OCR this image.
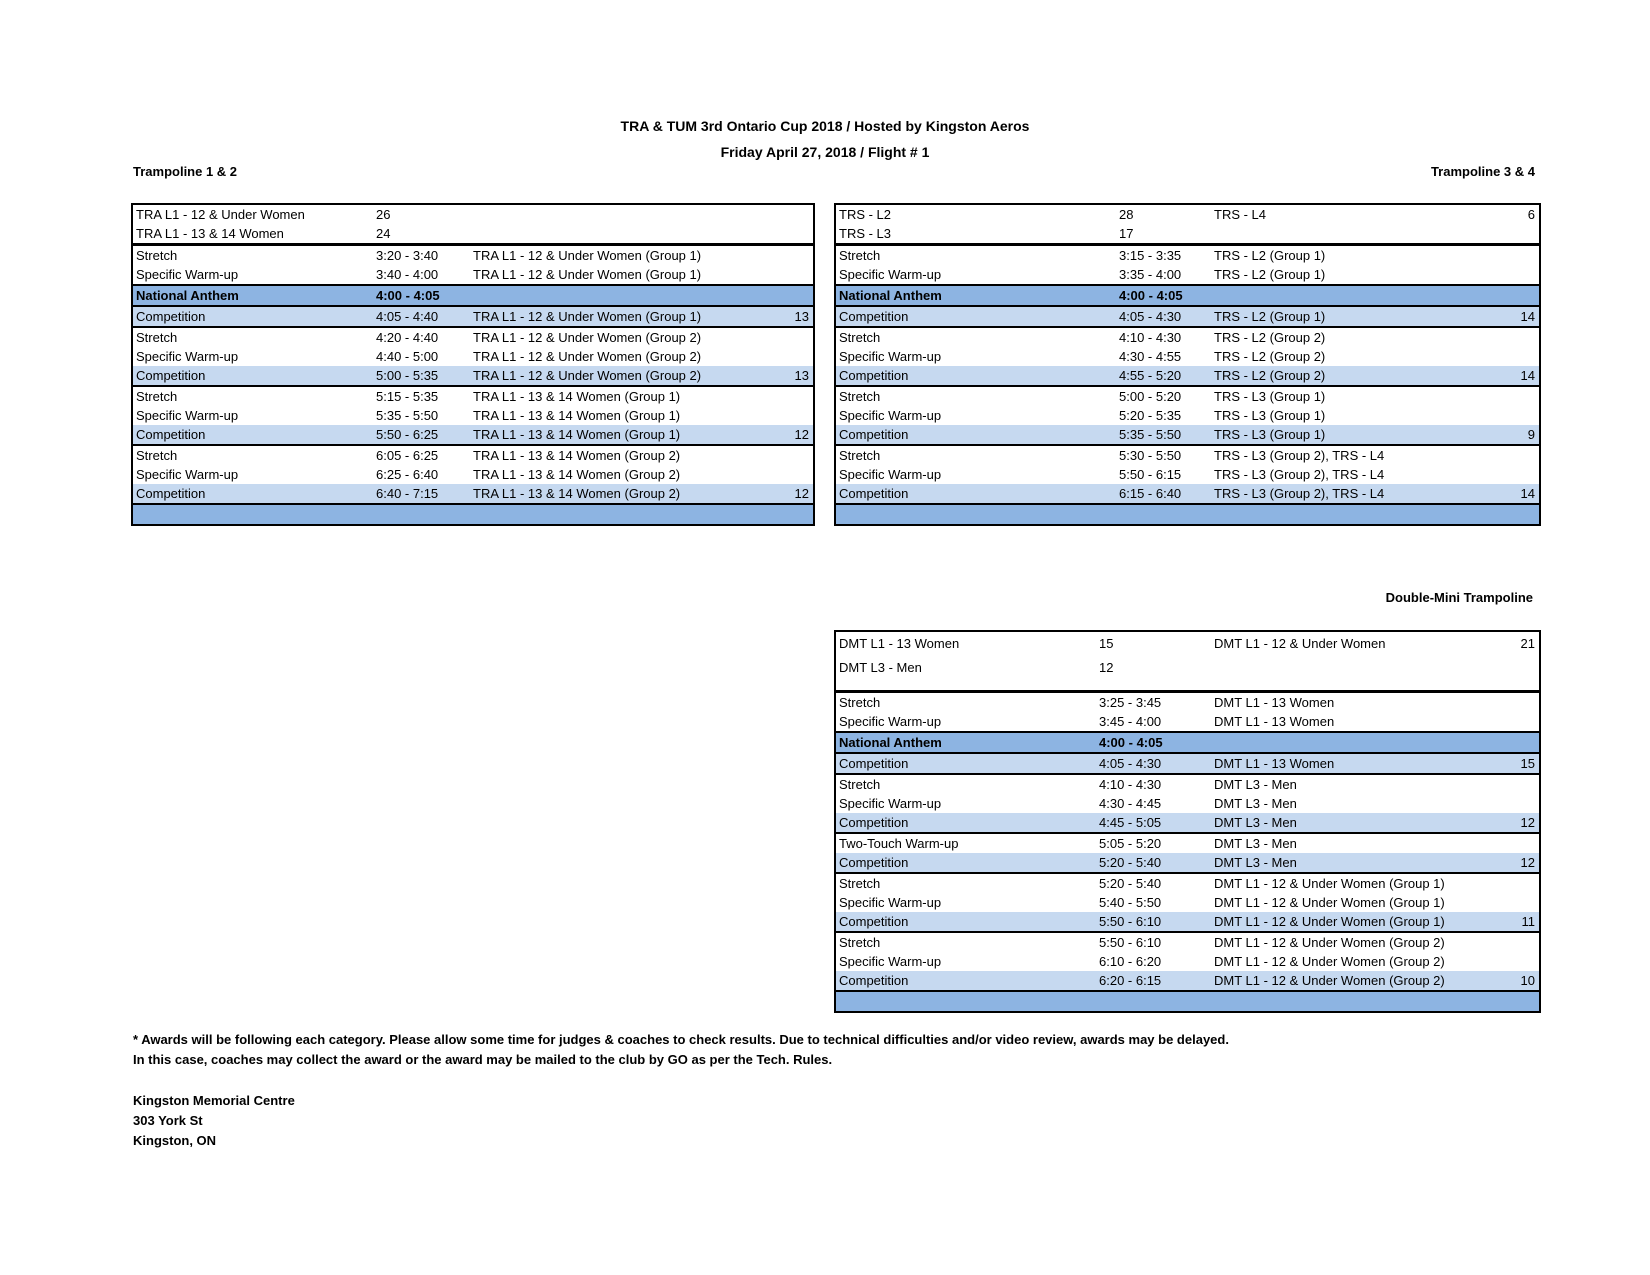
TRA & TUM 3rd Ontario Cup 2018 / Hosted by Kingston Aeros
Friday April 27, 2018 / Flight # 1
Trampoline 1 & 2	Trampoline 3 & 4
Double-Mini Trampoline
TRA L1 - 12 & Under Women	26
TRA L1 - 13 & 14 Women	24
Stretch	3:20 - 3:40	TRA L1 - 12 & Under Women (Group 1)
Specific Warm-up	3:40 - 4:00	TRA L1 - 12 & Under Women (Group 1)
National Anthem	4:00 - 4:05
Competition	4:05 - 4:40	TRA L1 - 12 & Under Women (Group 1)	13
Stretch	4:20 - 4:40	TRA L1 - 12 & Under Women (Group 2)
Specific Warm-up	4:40 - 5:00	TRA L1 - 12 & Under Women (Group 2)
Competition	5:00 - 5:35	TRA L1 - 12 & Under Women (Group 2)	13
Stretch	5:15 - 5:35	TRA L1 - 13 & 14 Women (Group 1)
Specific Warm-up	5:35 - 5:50	TRA L1 - 13 & 14 Women (Group 1)
Competition	5:50 - 6:25	TRA L1 - 13 & 14 Women (Group 1)	12
Stretch	6:05 - 6:25	TRA L1 - 13 & 14 Women (Group 2)
Specific Warm-up	6:25 - 6:40	TRA L1 - 13 & 14 Women (Group 2)
Competition	6:40 - 7:15	TRA L1 - 13 & 14 Women (Group 2)	12
TRS - L2	28	TRS - L4	6
TRS - L3	17
Stretch	3:15 - 3:35	TRS - L2 (Group 1)
Specific Warm-up	3:35 - 4:00	TRS - L2 (Group 1)
National Anthem	4:00 - 4:05
Competition	4:05 - 4:30	TRS - L2 (Group 1)	14
Stretch	4:10 - 4:30	TRS - L2 (Group 2)
Specific Warm-up	4:30 - 4:55	TRS - L2 (Group 2)
Competition	4:55 - 5:20	TRS - L2 (Group 2)	14
Stretch	5:00 - 5:20	TRS - L3 (Group 1)
Specific Warm-up	5:20 - 5:35	TRS - L3 (Group 1)
Competition	5:35 - 5:50	TRS - L3 (Group 1)	9
Stretch	5:30 - 5:50	TRS - L3 (Group 2), TRS - L4
Specific Warm-up	5:50 - 6:15	TRS - L3 (Group 2), TRS - L4
Competition	6:15 - 6:40	TRS - L3 (Group 2), TRS - L4	14
DMT L1 - 13 Women	15	DMT L1 - 12 & Under Women	21
DMT L3 - Men	12
Stretch	3:25 - 3:45	DMT L1 - 13 Women
Specific Warm-up	3:45 - 4:00	DMT L1 - 13 Women
National Anthem	4:00 - 4:05
Competition	4:05 - 4:30	DMT L1 - 13 Women	15
Stretch	4:10 - 4:30	DMT L3 - Men
Specific Warm-up	4:30 - 4:45	DMT L3 - Men
Competition	4:45 - 5:05	DMT L3 - Men	12
Two-Touch Warm-up	5:05 - 5:20	DMT L3 - Men
Competition	5:20 - 5:40	DMT L3 - Men	12
Stretch	5:20 - 5:40	DMT L1 - 12 & Under Women (Group 1)
Specific Warm-up	5:40 - 5:50	DMT L1 - 12 & Under Women (Group 1)
Competition	5:50 - 6:10	DMT L1 - 12 & Under Women (Group 1)	11
Stretch	5:50 - 6:10	DMT L1 - 12 & Under Women (Group 2)
Specific Warm-up	6:10 - 6:20	DMT L1 - 12 & Under Women (Group 2)
Competition	6:20 - 6:15	DMT L1 - 12 & Under Women (Group 2)	10
* Awards will be following each category. Please allow some time for judges & coaches to check results. Due to technical difficulties and/or video review, awards may be delayed.
In this case, coaches may collect the award or the award may be mailed to the club by GO as per the Tech. Rules.
Kingston Memorial Centre
303 York St
Kingston, ON
